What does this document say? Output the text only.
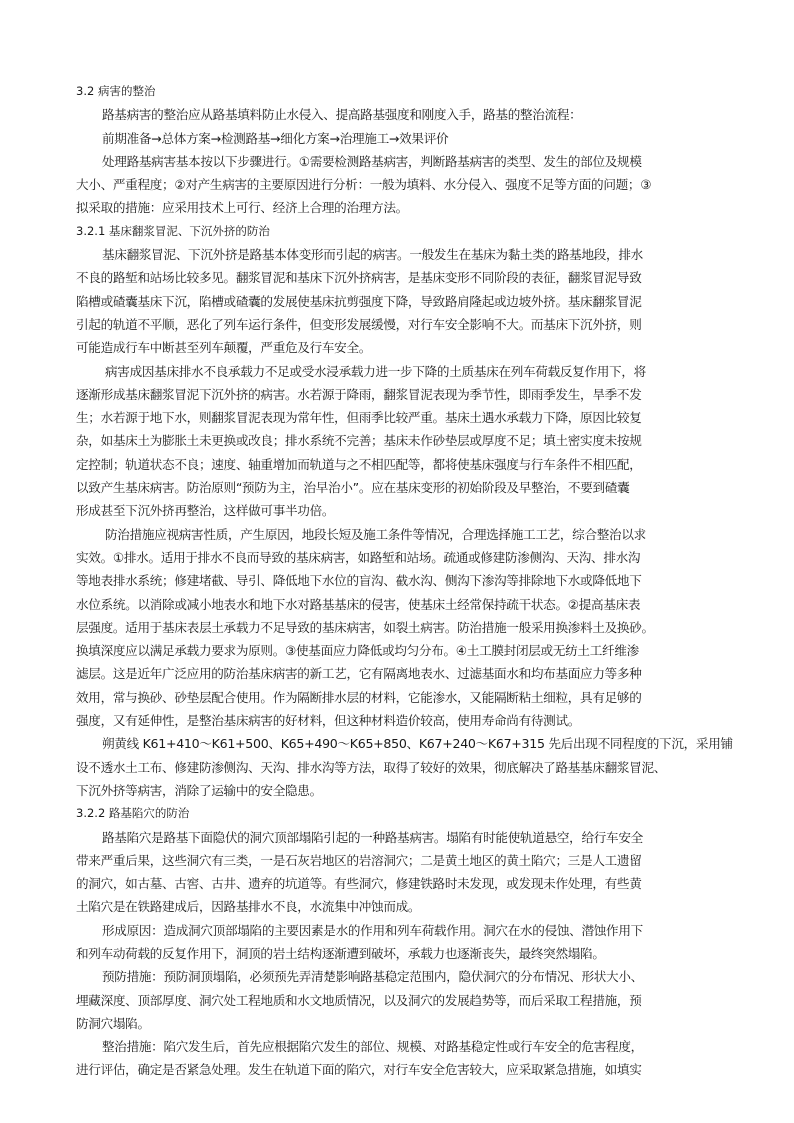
3.2 病害的整治
路基病害的整治应从路基填料防止水侵入、提高路基强度和刚度入手，路基的整治流程：
前期准备→总体方案→检测路基→细化方案→治理施工→效果评价
处理路基病害基本按以下步骤进行。①需要检测路基病害，判断路基病害的类型、发生的部位及规模
大小、严重程度；②对产生病害的主要原因进行分析：一般为填料、水分侵入、强度不足等方面的问题；③
拟采取的措施：应采用技术上可行、经济上合理的治理方法。
3.2.1 基床翻浆冒泥、下沉外挤的防治
基床翻浆冒泥、下沉外挤是路基本体变形而引起的病害。一般发生在基床为黏土类的路基地段，排水
不良的路堑和站场比较多见。翻浆冒泥和基床下沉外挤病害，是基床变形不同阶段的表征，翻浆冒泥导致
陷槽或碴囊基床下沉，陷槽或碴囊的发展使基床抗剪强度下降，导致路肩隆起或边坡外挤。基床翻浆冒泥
引起的轨道不平顺，恶化了列车运行条件，但变形发展缓慢，对行车安全影响不大。而基床下沉外挤，则
可能造成行车中断甚至列车颠覆，严重危及行车安全。
病害成因基床排水不良承载力不足或受水浸承载力进一步下降的土质基床在列车荷载反复作用下，将
逐渐形成基床翻浆冒泥下沉外挤的病害。水若源于降雨，翻浆冒泥表现为季节性，即雨季发生，旱季不发
生；水若源于地下水，则翻浆冒泥表现为常年性，但雨季比较严重。基床土遇水承载力下降，原因比较复
杂，如基床土为膨胀土未更换或改良；排水系统不完善；基床未作砂垫层或厚度不足；填土密实度未按规
定控制；轨道状态不良；速度、轴重增加而轨道与之不相匹配等，都将使基床强度与行车条件不相匹配，
以致产生基床病害。防治原则“预防为主，治早治小”。应在基床变形的初始阶段及早整治，不要到碴囊
形成甚至下沉外挤再整治，这样做可事半功倍。
防治措施应视病害性质，产生原因，地段长短及施工条件等情况，合理选择施工工艺，综合整治以求
实效。①排水。适用于排水不良而导致的基床病害，如路堑和站场。疏通或修建防渗侧沟、天沟、排水沟
等地表排水系统；修建堵截、导引、降低地下水位的盲沟、截水沟、侧沟下渗沟等排除地下水或降低地下
水位系统。以消除或减小地表水和地下水对路基基床的侵害，使基床土经常保持疏干状态。②提高基床表
层强度。适用于基床表层土承载力不足导致的基床病害，如裂土病害。防治措施一般采用换渗料土及换砂。
换填深度应以满足承载力要求为原则。③使基面应力降低或均匀分布。④土工膜封闭层或无纺土工纤维渗
滤层。这是近年广泛应用的防治基床病害的新工艺，它有隔离地表水、过滤基面水和均布基面应力等多种
效用，常与换砂、砂垫层配合使用。作为隔断排水层的材料，它能渗水，又能隔断粘土细粒，具有足够的
强度，又有延伸性，是整治基床病害的好材料，但这种材料造价较高，使用寿命尚有待测试。
朔黄线 K61+410～K61+500、K65+490～K65+850、K67+240～K67+315 先后出现不同程度的下沉，采用铺
设不透水土工布、修建防渗侧沟、天沟、排水沟等方法，取得了较好的效果，彻底解决了路基基床翻浆冒泥、
下沉外挤等病害，消除了运输中的安全隐患。
3.2.2 路基陷穴的防治
路基陷穴是路基下面隐伏的洞穴顶部塌陷引起的一种路基病害。塌陷有时能使轨道悬空，给行车安全
带来严重后果，这些洞穴有三类，一是石灰岩地区的岩溶洞穴；二是黄土地区的黄土陷穴；三是人工遗留
的洞穴，如古墓、古窖、古井、遗弃的坑道等。有些洞穴，修建铁路时未发现，或发现未作处理，有些黄
土陷穴是在铁路建成后，因路基排水不良，水流集中冲蚀而成。
形成原因：造成洞穴顶部塌陷的主要因素是水的作用和列车荷载作用。洞穴在水的侵蚀、潜蚀作用下
和列车动荷载的反复作用下，洞顶的岩土结构逐渐遭到破坏，承载力也逐渐丧失，最终突然塌陷。
预防措施：预防洞顶塌陷，必须预先弄清楚影响路基稳定范围内，隐伏洞穴的分布情况、形状大小、
埋藏深度、顶部厚度、洞穴处工程地质和水文地质情况，以及洞穴的发展趋势等，而后采取工程措施，预
防洞穴塌陷。
整治措施：陷穴发生后，首先应根据陷穴发生的部位、规模、对路基稳定性或行车安全的危害程度，
进行评估，确定是否紧急处理。发生在轨道下面的陷穴，对行车安全危害较大，应采取紧急措施，如填实
